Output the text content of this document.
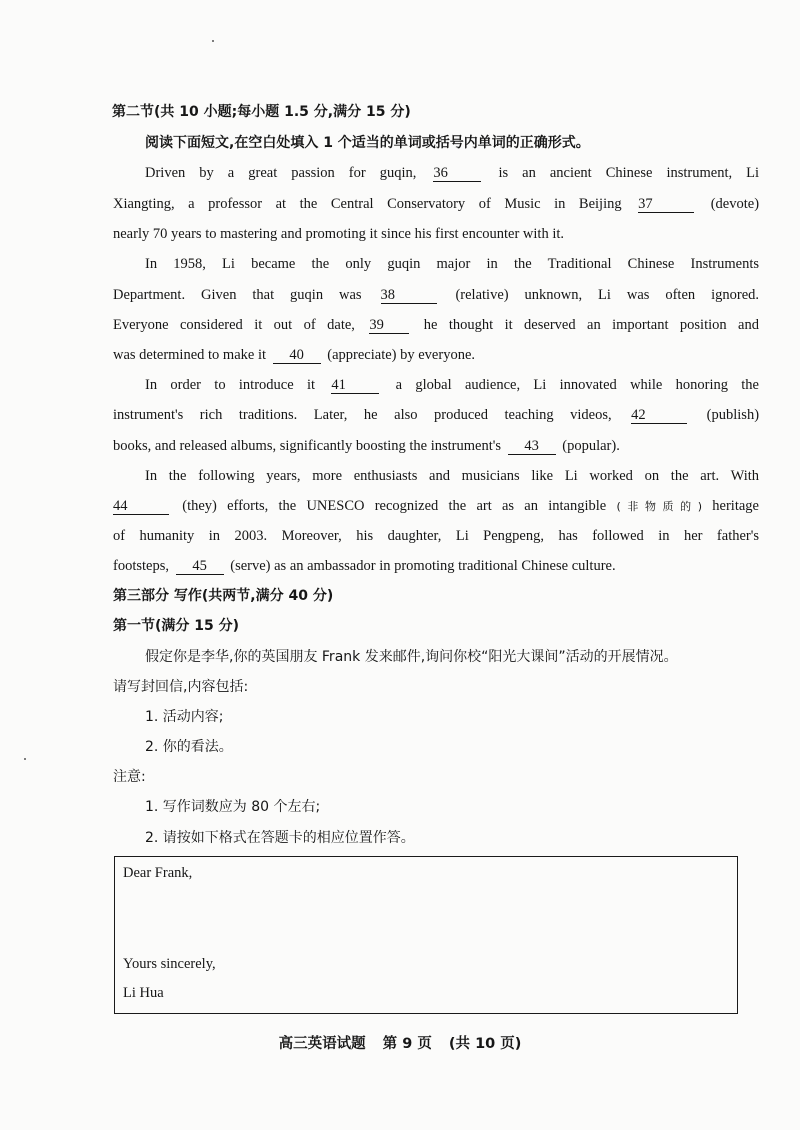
第二节(共 10 小题;每小题 1.5 分,满分 15 分)
阅读下面短文,在空白处填入 1 个适当的单词或括号内单词的正确形式。
Driven by a great passion for guqin, 36	is an ancient Chinese instrument, Li
Xiangting, a professor at the Central Conservatory of Music in Beijing 37	(devote)
nearly 70 years to mastering and promoting it since his first encounter with it.
In 1958, Li became the only guqin major in the Traditional Chinese Instruments
Department. Given that guqin was 38	(relative) unknown, Li was often ignored.
Everyone considered it out of date, 39	he thought it deserved an important position and
was determined to make it 40 (appreciate) by everyone.
In order to introduce it 41	a global audience, Li innovated while honoring the
instrument's rich traditions. Later, he also produced teaching videos, 42	(publish)
books, and released albums, significantly boosting the instrument's 43 (popular).
In the following years, more enthusiasts and musicians like Li worked on the art. With
44	(they) efforts, the UNESCO recognized the art as an intangible (非物质的) heritage
of humanity in 2003. Moreover, his daughter, Li Pengpeng, has followed in her father's
footsteps, 45 (serve) as an ambassador in promoting traditional Chinese culture.
第三部分 写作(共两节,满分 40 分)
第一节(满分 15 分)
假定你是李华,你的英国朋友 Frank 发来邮件,询问你校“阳光大课间”活动的开展情况。
请写封回信,内容包括:
1. 活动内容;
2. 你的看法。
注意:
1. 写作词数应为 80 个左右;
2. 请按如下格式在答题卡的相应位置作答。
Dear Frank,
Yours sincerely,
Li Hua
高三英语试题 第 9 页 (共 10 页)
